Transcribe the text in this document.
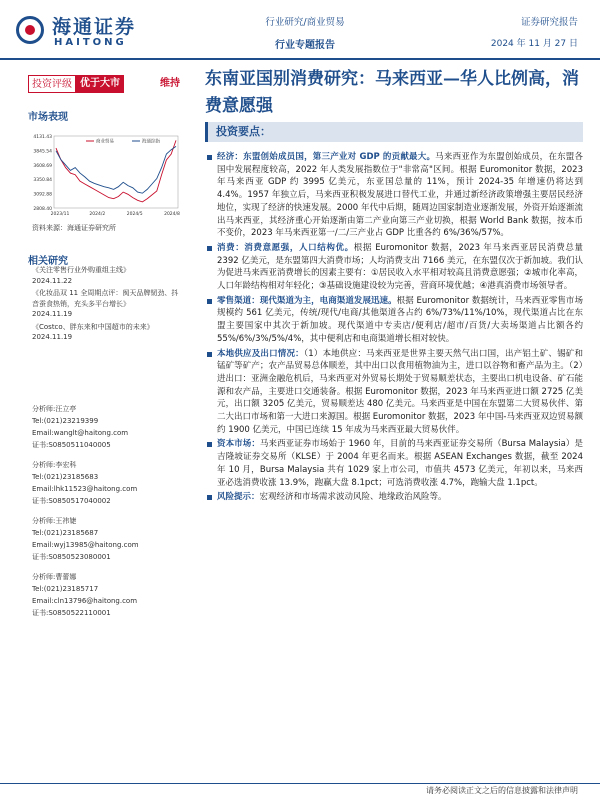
海通证券
HAITONG
行业研究/商业贸易
行业专题报告
证券研究报告
2024 年 11 月 27 日
投资评级 优于大市	维持	东南亚国别消费研究：马来西亚—华人比例高，消费意愿强
市场表现
4131.43
3845.54
3608.69
3350.84
3092.88
2808.40
2023/11	2024/2	2024/5	2024/8
商业贸易	海通综指
资料来源：海通证券研究所
相关研究
《关注零售行业外购重组主线》
2024.11.22
《化妆品双 11 全周期点评：阂天品牌韧劲、抖音蚕食热销，充头多平台增长》
2024.11.19
《Costco、胖东来和中国超市的未来》
2024.11.19
分析师:汪立亭
Tel:(021)23219399
Email:wanglt@haitong.com
证书:S0850511040005
分析师:李宏科
Tel:(021)23185683
Email:lhk11523@haitong.com
证书:S0850517040002
分析师:王祎婕
Tel:(021)23185687
Email:wyj13985@haitong.com
证书:S0850523080001
分析师:曹蕾娜
Tel:(021)23185717
Email:cln13796@haitong.com
证书:S0850522110001
投资要点：
经济：东盟创始成员国，第三产业对 GDP 的贡献最大。马来西亚作为东盟创始成员，在东盟各国中发展程度较高，2022 年人类发展指数位于"非常高"区间。根据 Euromonitor 数据，2023 年马来西亚 GDP 约 3995 亿美元，东亚国总量的 11%，预计 2024-35 年增速仍将达到 4.4%。1957 年独立后，马来西亚积极发展进口替代工业，并通过新经济政策增强主要居民经济地位，实现了经济的快速发展。2000 年代中后期，随周边国家制造业逐渐发展，外资开始逐渐流出马来西亚，其经济重心开始逐渐由第二产业向第三产业切换，根据 World Bank 数据，按本币不变价，2023 年马来西亚第一/二/三产业占 GDP 比重各约 6%/36%/57%。
消费：消费意愿强，人口结构优。根据 Euromonitor 数据，2023 年马来西亚居民消费总量 2392 亿美元，是东盟第四大消费市场；人均消费支出 7166 美元，在东盟仅次于新加坡。我们认为促进马来西亚消费增长的因素主要有：①居民收入水平相对较高且消费意愿强；②城市化率高，人口年龄结构相对年轻化；③基础设施建设较为完善，营商环境优越；④港真消费市场领导者。
零售渠道：现代渠道为主，电商渠道发展迅速。根据 Euromonitor 数据统计，马来西亚零售市场规模约 561 亿美元，传统/现代/电商/其他渠道各占约 6%/73%/11%/10%，现代渠道占比在东盟主要国家中其次于新加坡。现代渠道中专卖店/便利店/超市/百货/大卖场渠道占比额各约 55%/6%/3%/5%/4%，其中便利店和电商渠道增长相对较快。
本地供应及出口情况：（1）本地供应：马来西亚是世界主要天然气出口国，出产铝土矿、锡矿和锰矿等矿产；农产品贸易总体顺差，其中出口以食用植物油为主，进口以谷物和畜产品为主。（2）进出口：亚洲金融危机后，马来西亚对外贸易长期处于贸易顺差状态，主要出口机电设备、矿石能源和农产品，主要进口交通装备。根据 Euromonitor 数据，2023 年马来西亚进口额 2725 亿美元，出口额 3205 亿美元，贸易顺差达 480 亿美元。马来西亚是中国在东盟第二大贸易伙伴、第二大出口市场和第一大进口来源国。根据 Euromonitor 数据，2023 年中国-马来西亚双边贸易额约 1900 亿美元，中国已连续 15 年成为马来西亚最大贸易伙伴。
资本市场：马来西亚证券市场始于 1960 年，目前的马来西亚证券交易所（Bursa Malaysia）是吉隆坡证券交易所（KLSE）于 2004 年更名而来。根据 ASEAN Exchanges 数据，截至 2024 年 10 月，Bursa Malaysia 共有 1029 家上市公司，市值共 4573 亿美元，年初以来，马来西亚必选消费收涨 13.9%，跑赢大盘 8.1pct；可选消费收涨 4.7%，跑输大盘 1.1pct。
风险提示：宏观经济和市场需求波动风险、地缘政治风险等。
请务必阅读正文之后的信息披露和法律声明
